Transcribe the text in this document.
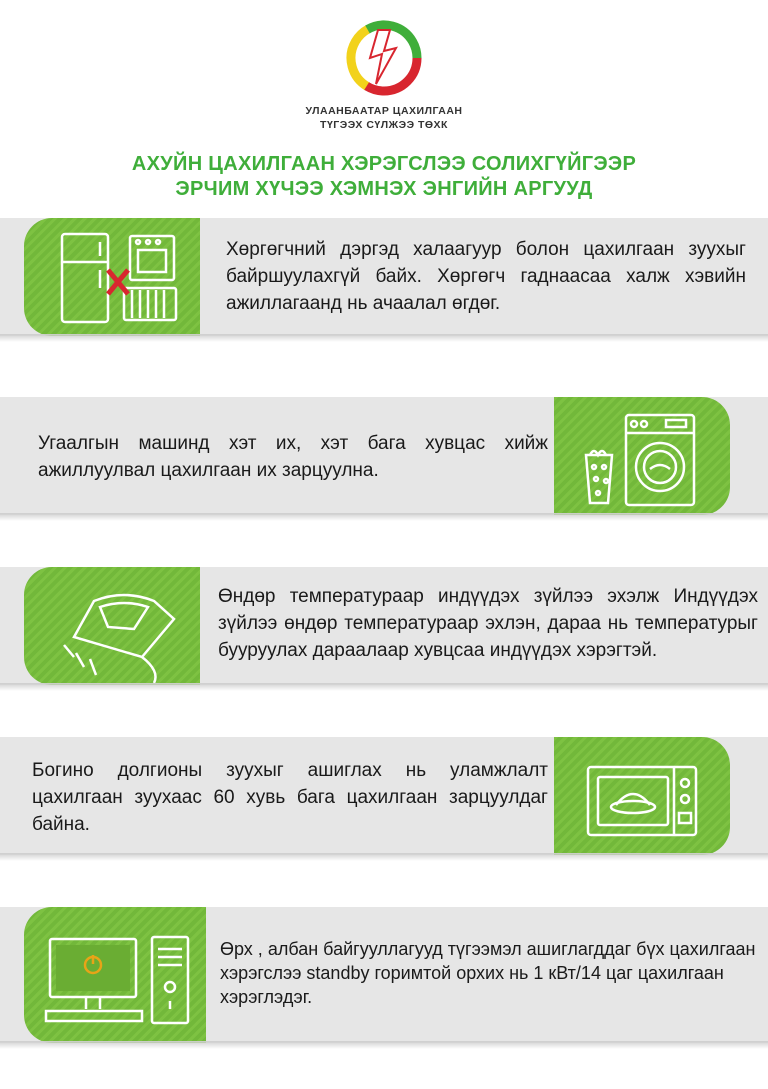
УЛААНБААТАР ЦАХИЛГААН
ТҮГЭЭХ СҮЛЖЭЭ ТӨХК
АХУЙН ЦАХИЛГААН ХЭРЭГСЛЭЭ СОЛИХГҮЙГЭЭР
ЭРЧИМ ХҮЧЭЭ ХЭМНЭХ ЭНГИЙН АРГУУД
Хөргөгчний дэргэд халаагуур болон цахилгаан зуухыг байршуулахгүй байх. Хөргөгч гаднаасаа халж хэвийн ажиллагаанд нь ачаалал өгдөг.
Угаалгын машинд хэт их, хэт бага хувцас хийж ажиллуулвал цахилгаан их зарцуулна.
Өндөр температураар индүүдэх зүйлээ эхэлж Индүүдэх зүйлээ өндөр температураар эхлэн, дараа нь температурыг бууруулах дараалаар хувцсаа индүүдэх хэрэгтэй.
Богино долгионы зуухыг ашиглах нь уламжлалт цахилгаан зуухаас 60 хувь бага цахилгаан зарцуулдаг байна.
Өрх , албан байгууллагууд түгээмэл ашиглагддаг бүх цахилгаан хэрэгслээ standby горимтой орхих нь 1 кВт/14 цаг цахилгаан хэрэглэдэг.
